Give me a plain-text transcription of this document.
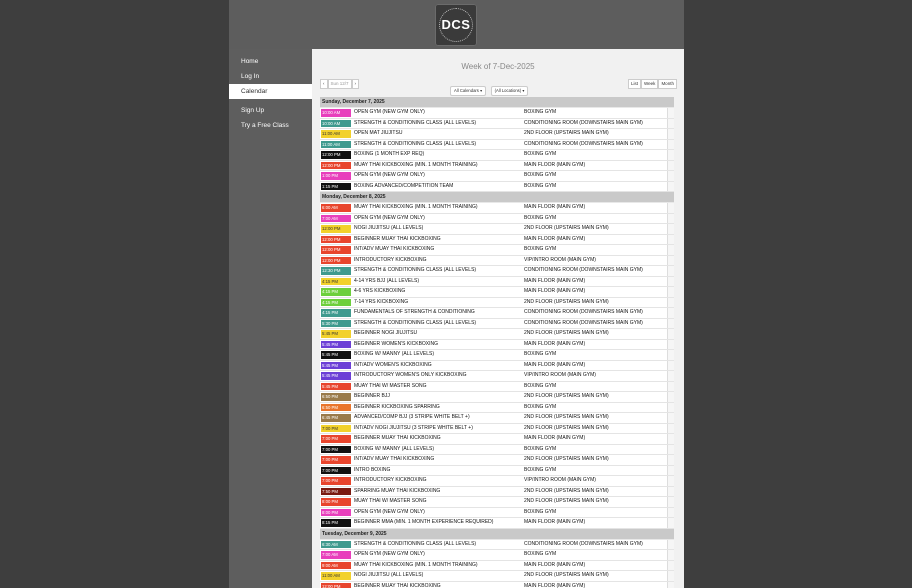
DCS
Home
Log In
Calendar
Sign Up
Try a Free Class
Week of 7-Dec-2025
‹ Sun 12/7 ›
All Calendars ▾	(All Locations) ▾
List Week Month
Sunday, December 7, 2025
10:00 AM	OPEN GYM (NEW GYM ONLY)	BOXING GYM
10:00 AM	STRENGTH & CONDITIONING CLASS (ALL LEVELS)	CONDITIONING ROOM (DOWNSTAIRS MAIN GYM)
11:00 AM	OPEN MAT JIUJITSU	2ND FLOOR (UPSTAIRS MAIN GYM)
11:00 AM	STRENGTH & CONDITIONING CLASS (ALL LEVELS)	CONDITIONING ROOM (DOWNSTAIRS MAIN GYM)
12:00 PM	BOXING (1 MONTH EXP REQ)	BOXING GYM
12:00 PM	MUAY THAI KICKBOXING (MIN. 1 MONTH TRAINING)	MAIN FLOOR (MAIN GYM)
1:00 PM	OPEN GYM (NEW GYM ONLY)	BOXING GYM
1:15 PM	BOXING ADVANCED/COMPETITION TEAM	BOXING GYM
Monday, December 8, 2025
6:00 AM	MUAY THAI KICKBOXING (MIN. 1 MONTH TRAINING)	MAIN FLOOR (MAIN GYM)
7:00 AM	OPEN GYM (NEW GYM ONLY)	BOXING GYM
12:00 PM	NOGI JIUJITSU (ALL LEVELS)	2ND FLOOR (UPSTAIRS MAIN GYM)
12:00 PM	BEGINNER MUAY THAI KICKBOXING	MAIN FLOOR (MAIN GYM)
12:00 PM	INT/ADV MUAY THAI KICKBOXING	BOXING GYM
12:00 PM	INTRODUCTORY KICKBOXING	VIP/INTRO ROOM (MAIN GYM)
12:30 PM	STRENGTH & CONDITIONING CLASS (ALL LEVELS)	CONDITIONING ROOM (DOWNSTAIRS MAIN GYM)
4:15 PM	4-14 YRS BJJ (ALL LEVELS)	MAIN FLOOR (MAIN GYM)
4:15 PM	4-6 YRS KICKBOXING	MAIN FLOOR (MAIN GYM)
4:15 PM	7-14 YRS KICKBOXING	2ND FLOOR (UPSTAIRS MAIN GYM)
4:15 PM	FUNDAMENTALS OF STRENGTH & CONDITIONING	CONDITIONING ROOM (DOWNSTAIRS MAIN GYM)
5:30 PM	STRENGTH & CONDITIONING CLASS (ALL LEVELS)	CONDITIONING ROOM (DOWNSTAIRS MAIN GYM)
5:45 PM	BEGINNER NOGI JIUJITSU	2ND FLOOR (UPSTAIRS MAIN GYM)
5:45 PM	BEGINNER WOMEN'S KICKBOXING	MAIN FLOOR (MAIN GYM)
5:45 PM	BOXING W/ MANNY (ALL LEVELS)	BOXING GYM
5:45 PM	INT/ADV WOMEN'S KICKBOXING	MAIN FLOOR (MAIN GYM)
5:45 PM	INTRODUCTORY WOMEN'S ONLY KICKBOXING	VIP/INTRO ROOM (MAIN GYM)
5:45 PM	MUAY THAI W/ MASTER SONG	BOXING GYM
6:50 PM	BEGINNER BJJ	2ND FLOOR (UPSTAIRS MAIN GYM)
6:50 PM	BEGINNER KICKBOXING SPARRING	BOXING GYM
6:45 PM	ADVANCED/COMP BJJ (3 STRIPE WHITE BELT +)	2ND FLOOR (UPSTAIRS MAIN GYM)
7:00 PM	INT/ADV NOGI JIUJITSU (3 STRIPE WHITE BELT +)	2ND FLOOR (UPSTAIRS MAIN GYM)
7:00 PM	BEGINNER MUAY THAI KICKBOXING	MAIN FLOOR (MAIN GYM)
7:00 PM	BOXING W/ MANNY (ALL LEVELS)	BOXING GYM
7:00 PM	INT/ADV MUAY THAI KICKBOXING	2ND FLOOR (UPSTAIRS MAIN GYM)
7:00 PM	INTRO BOXING	BOXING GYM
7:00 PM	INTRODUCTORY KICKBOXING	VIP/INTRO ROOM (MAIN GYM)
7:50 PM	SPARRING MUAY THAI KICKBOXING	2ND FLOOR (UPSTAIRS MAIN GYM)
8:00 PM	MUAY THAI W/ MASTER SONG	2ND FLOOR (UPSTAIRS MAIN GYM)
8:00 PM	OPEN GYM (NEW GYM ONLY)	BOXING GYM
8:15 PM	BEGINNER MMA (MIN. 1 MONTH EXPERIENCE REQUIRED)	MAIN FLOOR (MAIN GYM)
Tuesday, December 9, 2025
6:30 AM	STRENGTH & CONDITIONING CLASS (ALL LEVELS)	CONDITIONING ROOM (DOWNSTAIRS MAIN GYM)
7:00 AM	OPEN GYM (NEW GYM ONLY)	BOXING GYM
9:00 AM	MUAY THAI KICKBOXING (MIN. 1 MONTH TRAINING)	MAIN FLOOR (MAIN GYM)
11:00 AM	NOGI JIUJITSU (ALL LEVELS)	2ND FLOOR (UPSTAIRS MAIN GYM)
12:00 PM	BEGINNER MUAY THAI KICKBOXING	MAIN FLOOR (MAIN GYM)
